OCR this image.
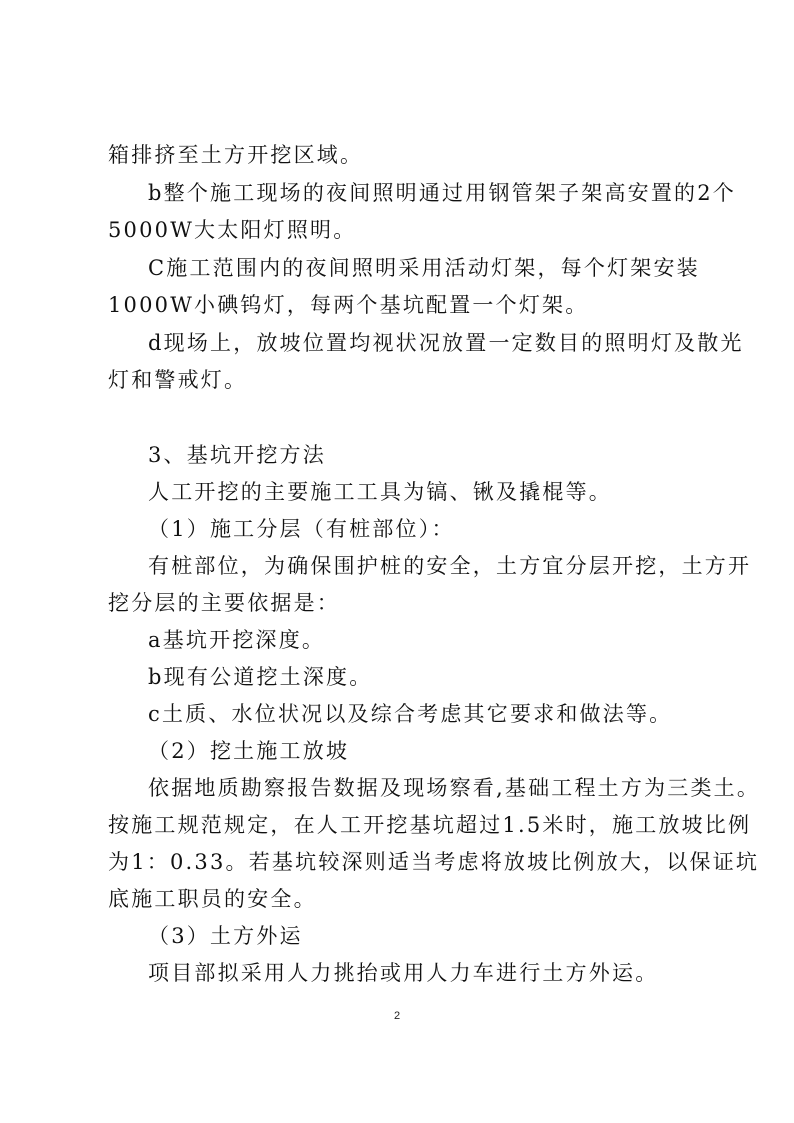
箱排挤至土方开挖区域。
b整个施工现场的夜间照明通过用钢管架子架高安置的2个
5000W大太阳灯照明。
C施工范围内的夜间照明采用活动灯架，每个灯架安装
1000W小碘钨灯，每两个基坑配置一个灯架。
d现场上，放坡位置均视状况放置一定数目的照明灯及散光
灯和警戒灯。
3、基坑开挖方法
人工开挖的主要施工工具为镐、锹及撬棍等。
（1）施工分层（有桩部位）：
有桩部位，为确保围护桩的安全，土方宜分层开挖，土方开
挖分层的主要依据是：
a基坑开挖深度。
b现有公道挖土深度。
c土质、水位状况以及综合考虑其它要求和做法等。
（2）挖土施工放坡
依据地质勘察报告数据及现场察看,基础工程土方为三类土。
按施工规范规定，在人工开挖基坑超过1.5米时，施工放坡比例
为1：0.33。若基坑较深则适当考虑将放坡比例放大，以保证坑
底施工职员的安全。
（3）土方外运
项目部拟采用人力挑抬或用人力车进行土方外运。
2
